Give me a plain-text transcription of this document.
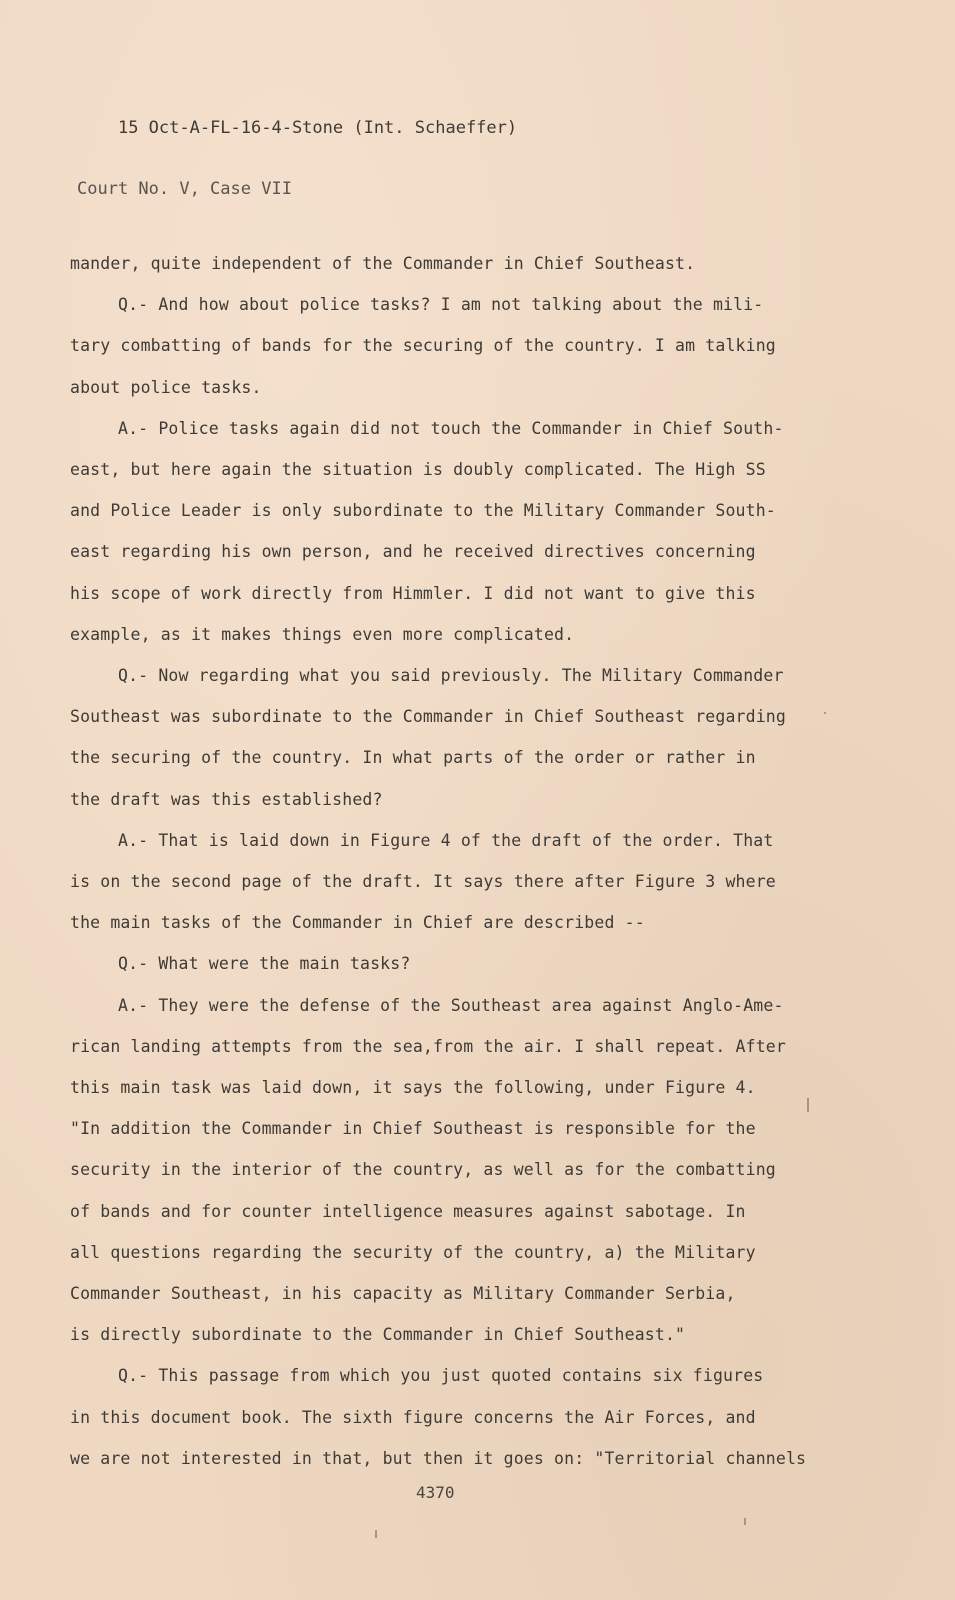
15 Oct-A-FL-16-4-Stone (Int. Schaeffer)

Court No. V, Case VII

mander, quite independent of the Commander in Chief Southeast.
Q.- And how about police tasks? I am not talking about the mili-
tary combatting of bands for the securing of the country. I am talking
about police tasks.
A.- Police tasks again did not touch the Commander in Chief South-
east, but here again the situation is doubly complicated. The High SS
and Police Leader is only subordinate to the Military Commander South-
east regarding his own person, and he received directives concerning
his scope of work directly from Himmler. I did not want to give this
example, as it makes things even more complicated.
Q.- Now regarding what you said previously. The Military Commander
Southeast was subordinate to the Commander in Chief Southeast regarding
the securing of the country. In what parts of the order or rather in
the draft was this established?
A.- That is laid down in Figure 4 of the draft of the order. That
is on the second page of the draft. It says there after Figure 3 where
the main tasks of the Commander in Chief are described --
Q.- What were the main tasks?
A.- They were the defense of the Southeast area against Anglo-Ame-
rican landing attempts from the sea,from the air. I shall repeat. After
this main task was laid down, it says the following, under Figure 4.
"In addition the Commander in Chief Southeast is responsible for the
security in the interior of the country, as well as for the combatting
of bands and for counter intelligence measures against sabotage. In
all questions regarding the security of the country, a) the Military
Commander Southeast, in his capacity as Military Commander Serbia,
is directly subordinate to the Commander in Chief Southeast."
Q.- This passage from which you just quoted contains six figures
in this document book. The sixth figure concerns the Air Forces, and
we are not interested in that, but then it goes on: "Territorial channels
4370
